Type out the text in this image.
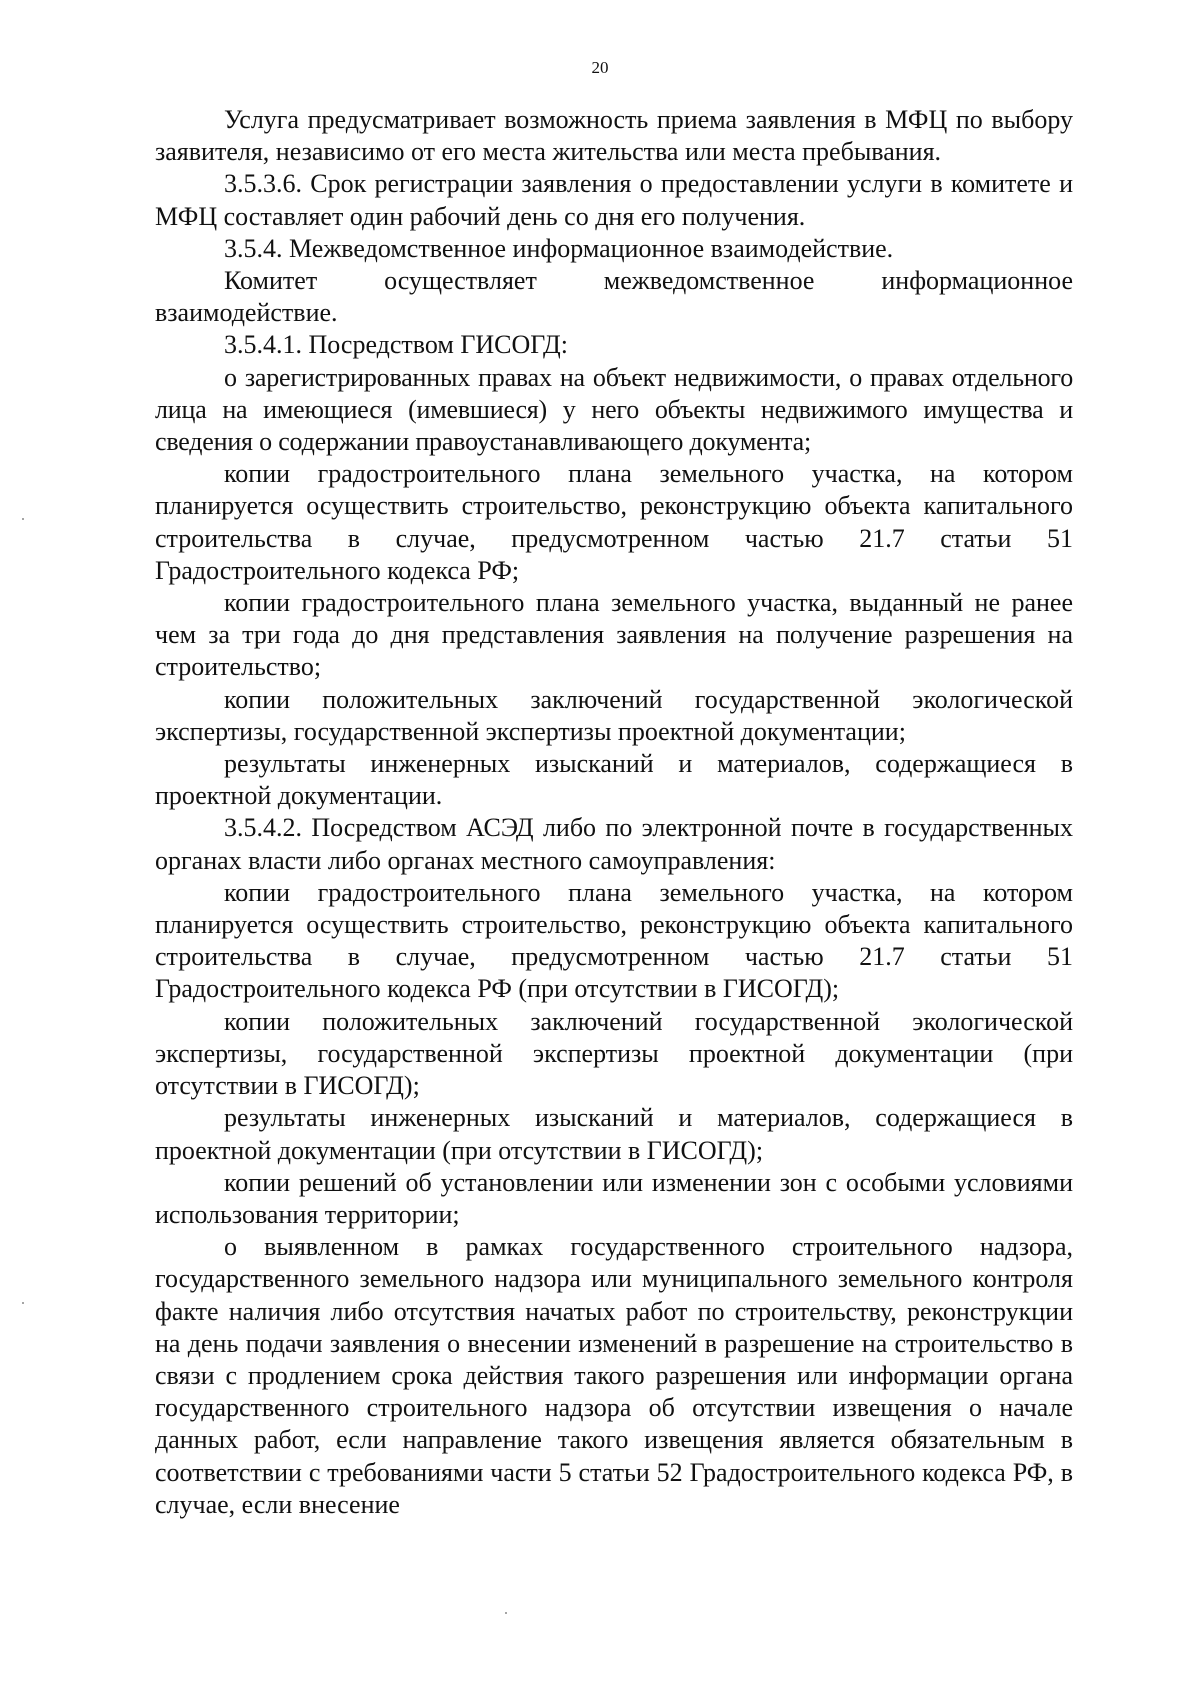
20

Услуга предусматривает возможность приема заявления в МФЦ по выбору заявителя, независимо от его места жительства или места пребывания.

3.5.3.6. Срок регистрации заявления о предоставлении услуги в комитете и МФЦ составляет один рабочий день со дня его получения.

3.5.4. Межведомственное информационное взаимодействие.

Комитет осуществляет межведомственное информационное взаимодействие.

3.5.4.1. Посредством ГИСОГД:

о зарегистрированных правах на объект недвижимости, о правах отдельного лица на имеющиеся (имевшиеся) у него объекты недвижимого имущества и сведения о содержании правоустанавливающего документа;

копии градостроительного плана земельного участка, на котором планируется осуществить строительство, реконструкцию объекта капитального строительства в случае, предусмотренном частью 21.7 статьи 51 Градостроительного кодекса РФ;

копии градостроительного плана земельного участка, выданный не ранее чем за три года до дня представления заявления на получение разрешения на строительство;

копии положительных заключений государственной экологической экспертизы, государственной экспертизы проектной документации;

результаты инженерных изысканий и материалов, содержащиеся в проектной документации.

3.5.4.2. Посредством АСЭД либо по электронной почте в государственных органах власти либо органах местного самоуправления:

копии градостроительного плана земельного участка, на котором планируется осуществить строительство, реконструкцию объекта капитального строительства в случае, предусмотренном частью 21.7 статьи 51 Градостроительного кодекса РФ (при отсутствии в ГИСОГД);

копии положительных заключений государственной экологической экспертизы, государственной экспертизы проектной документации (при отсутствии в ГИСОГД);

результаты инженерных изысканий и материалов, содержащиеся в проектной документации (при отсутствии в ГИСОГД);

копии решений об установлении или изменении зон с особыми условиями использования территории;

о выявленном в рамках государственного строительного надзора, государственного земельного надзора или муниципального земельного контроля факте наличия либо отсутствия начатых работ по строительству, реконструкции на день подачи заявления о внесении изменений в разрешение на строительство в связи с продлением срока действия такого разрешения или информации органа государственного строительного надзора об отсутствии извещения о начале данных работ, если направление такого извещения является обязательным в соответствии с требованиями части 5 статьи 52 Градостроительного кодекса РФ, в случае, если внесение
